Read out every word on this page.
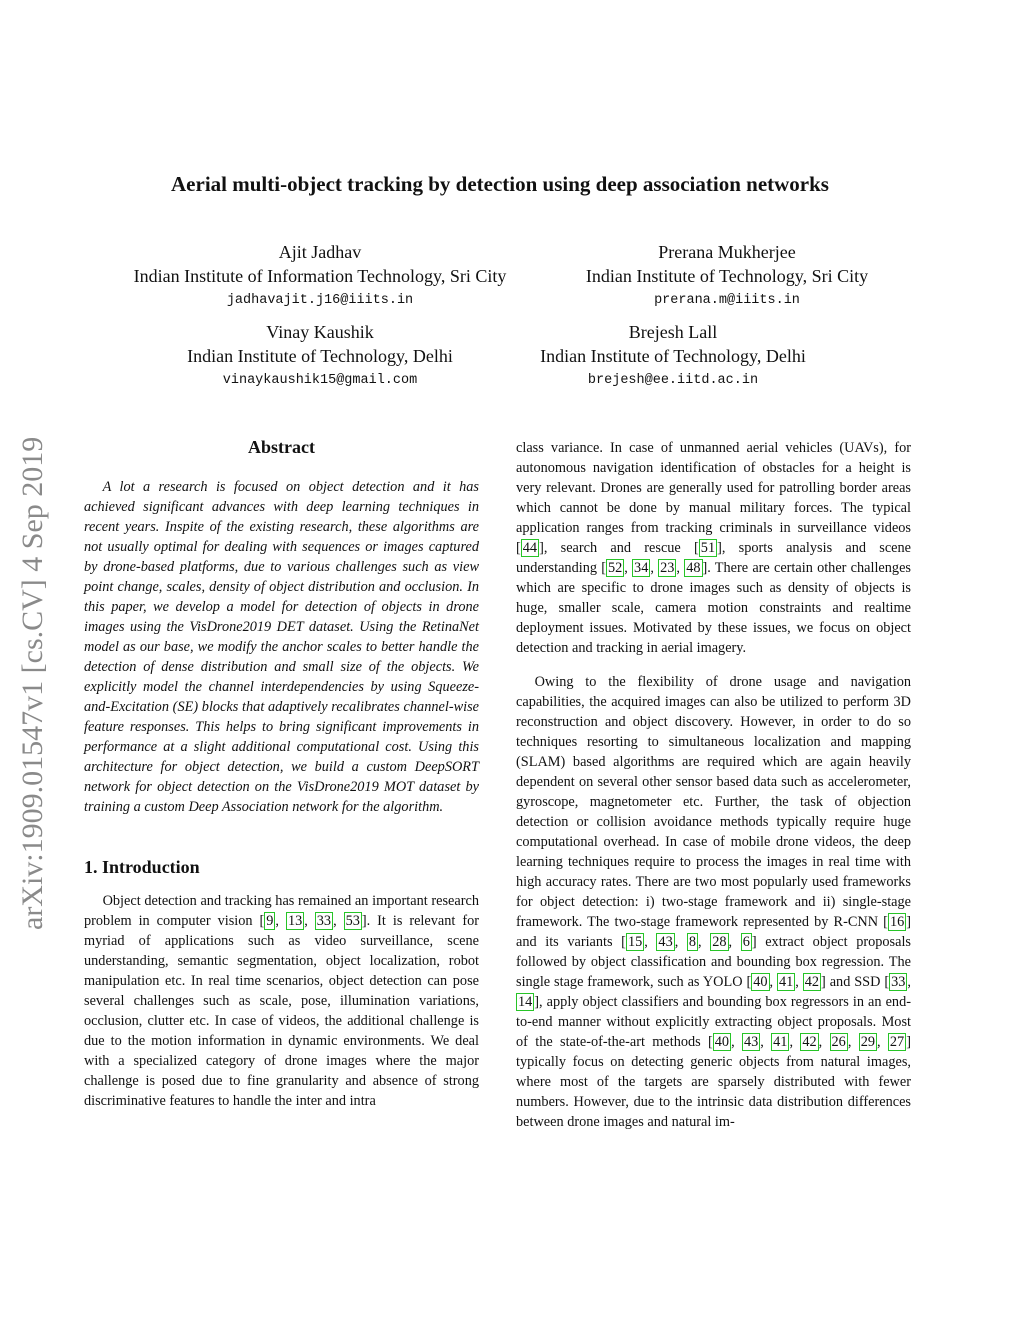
arXiv:1909.01547v1 [cs.CV] 4 Sep 2019
Aerial multi-object tracking by detection using deep association networks
Ajit Jadhav
Indian Institute of Information Technology, Sri City
jadhavajit.j16@iiits.in
Prerana Mukherjee
Indian Institute of Technology, Sri City
prerana.m@iiits.in
Vinay Kaushik
Indian Institute of Technology, Delhi
vinaykaushik15@gmail.com
Brejesh Lall
Indian Institute of Technology, Delhi
brejesh@ee.iitd.ac.in
Abstract

A lot a research is focused on object detection and it has achieved significant advances with deep learning techniques in recent years. Inspite of the existing research, these algorithms are not usually optimal for dealing with sequences or images captured by drone-based platforms, due to various challenges such as view point change, scales, density of object distribution and occlusion. In this paper, we develop a model for detection of objects in drone images using the VisDrone2019 DET dataset. Using the RetinaNet model as our base, we modify the anchor scales to better handle the detection of dense distribution and small size of the objects. We explicitly model the channel interdependencies by using Squeeze-and-Excitation (SE) blocks that adaptively recalibrates channel-wise feature responses. This helps to bring significant improvements in performance at a slight additional computational cost. Using this architecture for object detection, we build a custom DeepSORT network for object detection on the VisDrone2019 MOT dataset by training a custom Deep Association network for the algorithm.

1. Introduction

Object detection and tracking has remained an important research problem in computer vision [ 9 , 13 , 33 , 53 ]. It is relevant for myriad of applications such as video surveillance, scene understanding, semantic segmentation, object localization, robot manipulation etc. In real time scenarios, object detection can pose several challenges such as scale, pose, illumination variations, occlusion, clutter etc. In case of videos, the additional challenge is due to the motion information in dynamic environments. We deal with a specialized category of drone images where the major challenge is posed due to fine granularity and absence of strong discriminative features to handle the inter and intra

class variance. In case of unmanned aerial vehicles (UAVs), for autonomous navigation identification of obstacles for a height is very relevant. Drones are generally used for patrolling border areas which cannot be done by manual military forces. The typical application ranges from tracking criminals in surveillance videos [ 44 ], search and rescue [ 51 ], sports analysis and scene understanding [ 52 , 34 , 23 , 48 ]. There are certain other challenges which are specific to drone images such as density of objects is huge, smaller scale, camera motion constraints and realtime deployment issues. Motivated by these issues, we focus on object detection and tracking in aerial imagery.

Owing to the flexibility of drone usage and navigation capabilities, the acquired images can also be utilized to perform 3D reconstruction and object discovery. However, in order to do so techniques resorting to simultaneous localization and mapping (SLAM) based algorithms are required which are again heavily dependent on several other sensor based data such as accelerometer, gyroscope, magnetometer etc. Further, the task of objection detection or collision avoidance methods typically require huge computational overhead. In case of mobile drone videos, the deep learning techniques require to process the images in real time with high accuracy rates. There are two most popularly used frameworks for object detection: i) two-stage framework and ii) single-stage framework. The two-stage framework represented by R-CNN [ 16 ] and its variants [ 15 , 43 , 8 , 28 , 6 ] extract object proposals followed by object classification and bounding box regression. The single stage framework, such as YOLO [ 40 , 41 , 42 ] and SSD [ 33 , 14 ], apply object classifiers and bounding box regressors in an end-to-end manner without explicitly extracting object proposals. Most of the state-of-the-art methods [ 40 , 43 , 41 , 42 , 26 , 29 , 27 ] typically focus on detecting generic objects from natural images, where most of the targets are sparsely distributed with fewer numbers. However, due to the intrinsic data distribution differences between drone images and natural im-
